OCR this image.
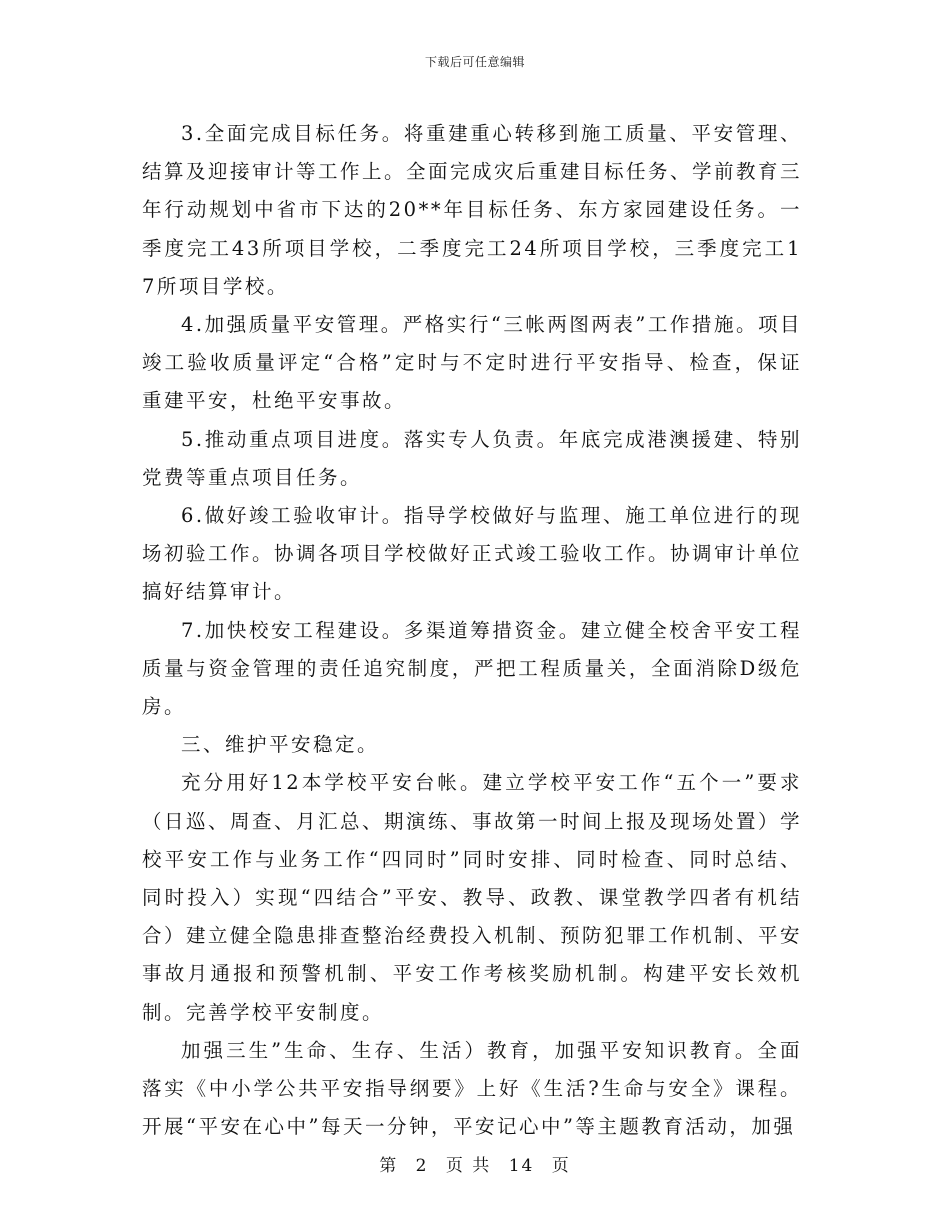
下载后可任意编辑

3.全面完成目标任务。将重建重心转移到施工质量、平安管理、结算及迎接审计等工作上。全面完成灾后重建目标任务、学前教育三年行动规划中省市下达的20**年目标任务、东方家园建设任务。一季度完工43所项目学校，二季度完工24所项目学校，三季度完工17所项目学校。

4.加强质量平安管理。严格实行“三帐两图两表”工作措施。项目竣工验收质量评定“合格”定时与不定时进行平安指导、检查，保证重建平安，杜绝平安事故。

5.推动重点项目进度。落实专人负责。年底完成港澳援建、特别党费等重点项目任务。

6.做好竣工验收审计。指导学校做好与监理、施工单位进行的现场初验工作。协调各项目学校做好正式竣工验收工作。协调审计单位搞好结算审计。

7.加快校安工程建设。多渠道筹措资金。建立健全校舍平安工程质量与资金管理的责任追究制度，严把工程质量关，全面消除D级危房。

三、维护平安稳定。

充分用好12本学校平安台帐。建立学校平安工作“五个一”要求（日巡、周查、月汇总、期演练、事故第一时间上报及现场处置）学校平安工作与业务工作“四同时”同时安排、同时检查、同时总结、同时投入）实现“四结合”平安、教导、政教、课堂教学四者有机结合）建立健全隐患排查整治经费投入机制、预防犯罪工作机制、平安事故月通报和预警机制、平安工作考核奖励机制。构建平安长效机制。完善学校平安制度。

加强三生”生命、生存、生活）教育，加强平安知识教育。全面落实《中小学公共平安指导纲要》上好《生活?生命与安全》课程。开展“平安在心中”每天一分钟，平安记心中”等主题教育活动，加强

第 2 页 共 14 页
